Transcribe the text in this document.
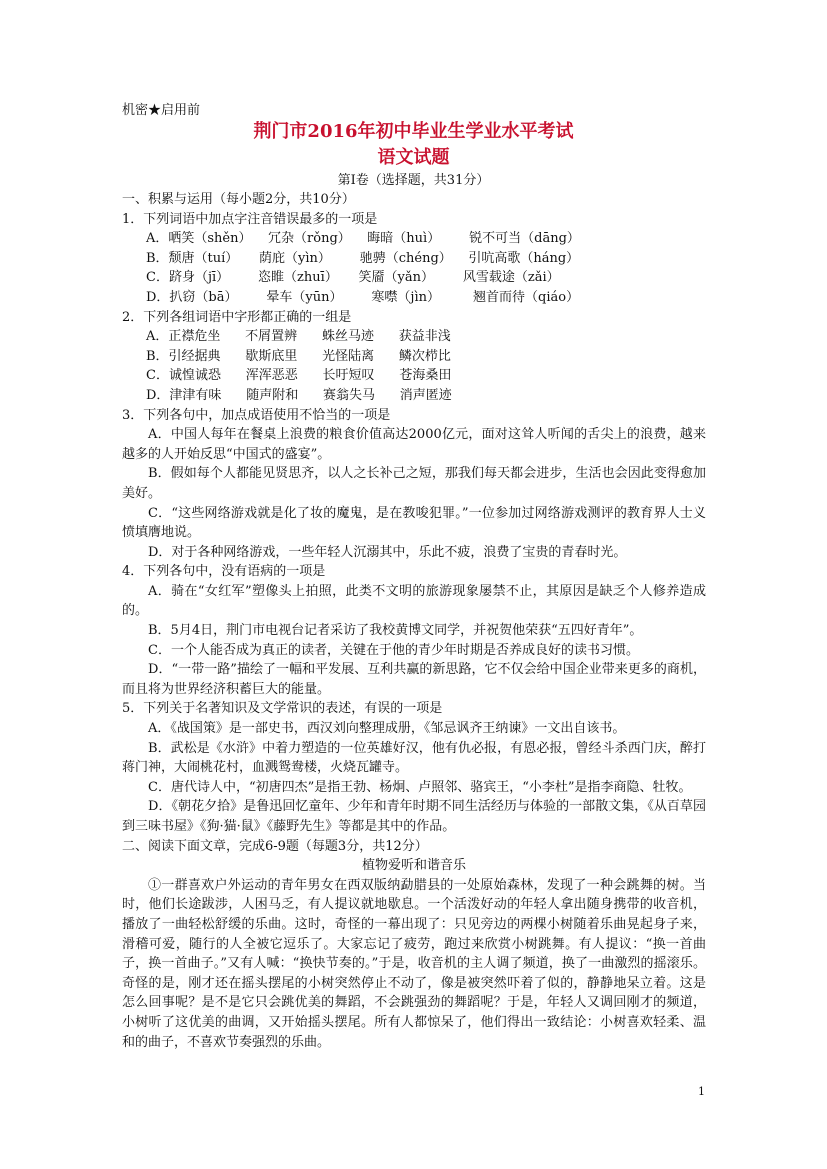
机密★启用前
荆门市2016年初中毕业生学业水平考试
语文试题
第Ⅰ卷（选择题，共31分）

一、积累与运用（每小题2分，共10分）

1．下列词语中加点字注音错误最多的一项是

A．哂笑（shěn）    冗杂（rǒng）    晦暗（huì）       锐不可当（dāng）

B．颓唐（tuí）     荫庇（yìn）       驰骋（chéng）    引吭高歌（háng）

C．跻身（jī）       恣睢（zhuī）     笑靥（yǎn）       风雪载途（zǎi）

D．扒窃（bā）       晕车（yūn）       寒噤（jìn）        翘首而待（qiáo）

2．下列各组词语中字形都正确的一组是

A．正襟危坐      不屑置辨      蛛丝马迹      获益非浅

B．引经据典      歇斯底里      光怪陆离      鳞次栉比

C．诚惶诚恐      浑浑恶恶      长吁短叹      苍海桑田

D．津津有味      随声附和      赛翁失马      消声匿迹

3．下列各句中，加点成语使用不恰当的一项是

A．中国人每年在餐桌上浪费的粮食价值高达2000亿元，面对这耸人听闻的舌尖上的浪费，越来越多的人开始反思“中国式的盛宴”。

B．假如每个人都能见贤思齐，以人之长补己之短，那我们每天都会进步，生活也会因此变得愈加美好。

C．“这些网络游戏就是化了妆的魔鬼，是在教唆犯罪。”一位参加过网络游戏测评的教育界人士义愤填膺地说。

D．对于各种网络游戏，一些年轻人沉溺其中，乐此不疲，浪费了宝贵的青春时光。

4．下列各句中，没有语病的一项是

A．骑在“女红军”塑像头上拍照，此类不文明的旅游现象屡禁不止，其原因是缺乏个人修养造成的。

B．5月4日，荆门市电视台记者采访了我校黄博文同学，并祝贺他荣获“五四好青年”。

C．一个人能否成为真正的读者，关键在于他的青少年时期是否养成良好的读书习惯。

D．“一带一路”描绘了一幅和平发展、互利共赢的新思路，它不仅会给中国企业带来更多的商机，而且将为世界经济积蓄巨大的能量。

5．下列关于名著知识及文学常识的表述，有误的一项是

A．《战国策》是一部史书，西汉刘向整理成册，《邹忌讽齐王纳谏》一文出自该书。

B．武松是《水浒》中着力塑造的一位英雄好汉，他有仇必报，有恩必报，曾经斗杀西门庆，醉打蒋门神，大闹桃花村，血溅鸳鸯楼，火烧瓦罐寺。

C．唐代诗人中，“初唐四杰”是指王勃、杨炯、卢照邻、骆宾王，“小李杜”是指李商隐、牡牧。

D．《朝花夕拾》是鲁迅回忆童年、少年和青年时期不同生活经历与体验的一部散文集，《从百草园到三味书屋》《狗·猫·鼠》《藤野先生》等都是其中的作品。

二、阅读下面文章，完成6-9题（每题3分，共12分）

植物爱听和谐音乐

①一群喜欢户外运动的青年男女在西双版纳勐腊县的一处原始森林，发现了一种会跳舞的树。当时，他们长途跋涉，人困马乏，有人提议就地歇息。一个活泼好动的年轻人拿出随身携带的收音机，播放了一曲轻松舒缓的乐曲。这时，奇怪的一幕出现了：只见旁边的两棵小树随着乐曲晃起身子来，滑稽可爱，随行的人全被它逗乐了。大家忘记了疲劳，跑过来欣赏小树跳舞。有人提议：“换一首曲子，换一首曲子。”又有人喊：“换快节奏的。”于是，收音机的主人调了频道，换了一曲激烈的摇滚乐。奇怪的是，刚才还在摇头摆尾的小树突然停止不动了，像是被突然吓着了似的，静静地呆立着。这是怎么回事呢？是不是它只会跳优美的舞蹈，不会跳强劲的舞蹈呢？于是，年轻人又调回刚才的频道，小树听了这优美的曲调，又开始摇头摆尾。所有人都惊呆了，他们得出一致结论：小树喜欢轻柔、温和的曲子，不喜欢节奏强烈的乐曲。

1
